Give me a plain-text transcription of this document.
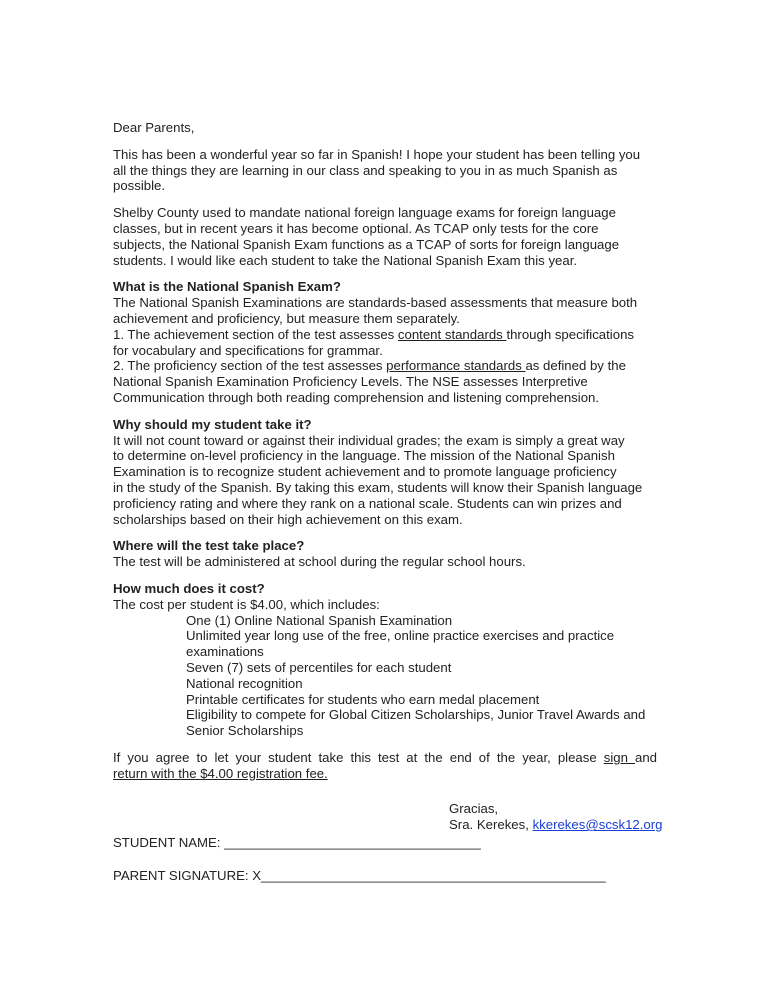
Dear Parents,
This has been a wonderful year so far in Spanish! I hope your student has been telling you
all the things they are learning in our class and speaking to you in as much Spanish as
possible.
Shelby County used to mandate national foreign language exams for foreign language
classes, but in recent years it has become optional. As TCAP only tests for the core
subjects, the National Spanish Exam functions as a TCAP of sorts for foreign language
students. I would like each student to take the National Spanish Exam this year.
What is the National Spanish Exam?
The National Spanish Examinations are standards-based assessments that measure both
achievement and proficiency, but measure them separately.
1. The achievement section of the test assesses content standards through specifications
for vocabulary and specifications for grammar.
2. The proficiency section of the test assesses performance standards as defined by the
National Spanish Examination Proficiency Levels. The NSE assesses Interpretive
Communication through both reading comprehension and listening comprehension.
Why should my student take it?
It will not count toward or against their individual grades; the exam is simply a great way
to determine on-level proficiency in the language. The mission of the National Spanish
Examination is to recognize student achievement and to promote language proficiency
in the study of the Spanish. By taking this exam, students will know their Spanish language
proficiency rating and where they rank on a national scale. Students can win prizes and
scholarships based on their high achievement on this exam.
Where will the test take place?
The test will be administered at school during the regular school hours.
How much does it cost?
The cost per student is $4.00, which includes:
One (1) Online National Spanish Examination
Unlimited year long use of the free, online practice exercises and practice
examinations
Seven (7) sets of percentiles for each student
National recognition
Printable certificates for students who earn medal placement
Eligibility to compete for Global Citizen Scholarships, Junior Travel Awards and
Senior Scholarships
If you agree to let your student take this test at the end of the year, please sign and
return with the $4.00 registration fee.
Gracias,
Sra. Kerekes, kkerekes@scsk12.org
STUDENT NAME: ___________________________________
PARENT SIGNATURE: X_______________________________________________
